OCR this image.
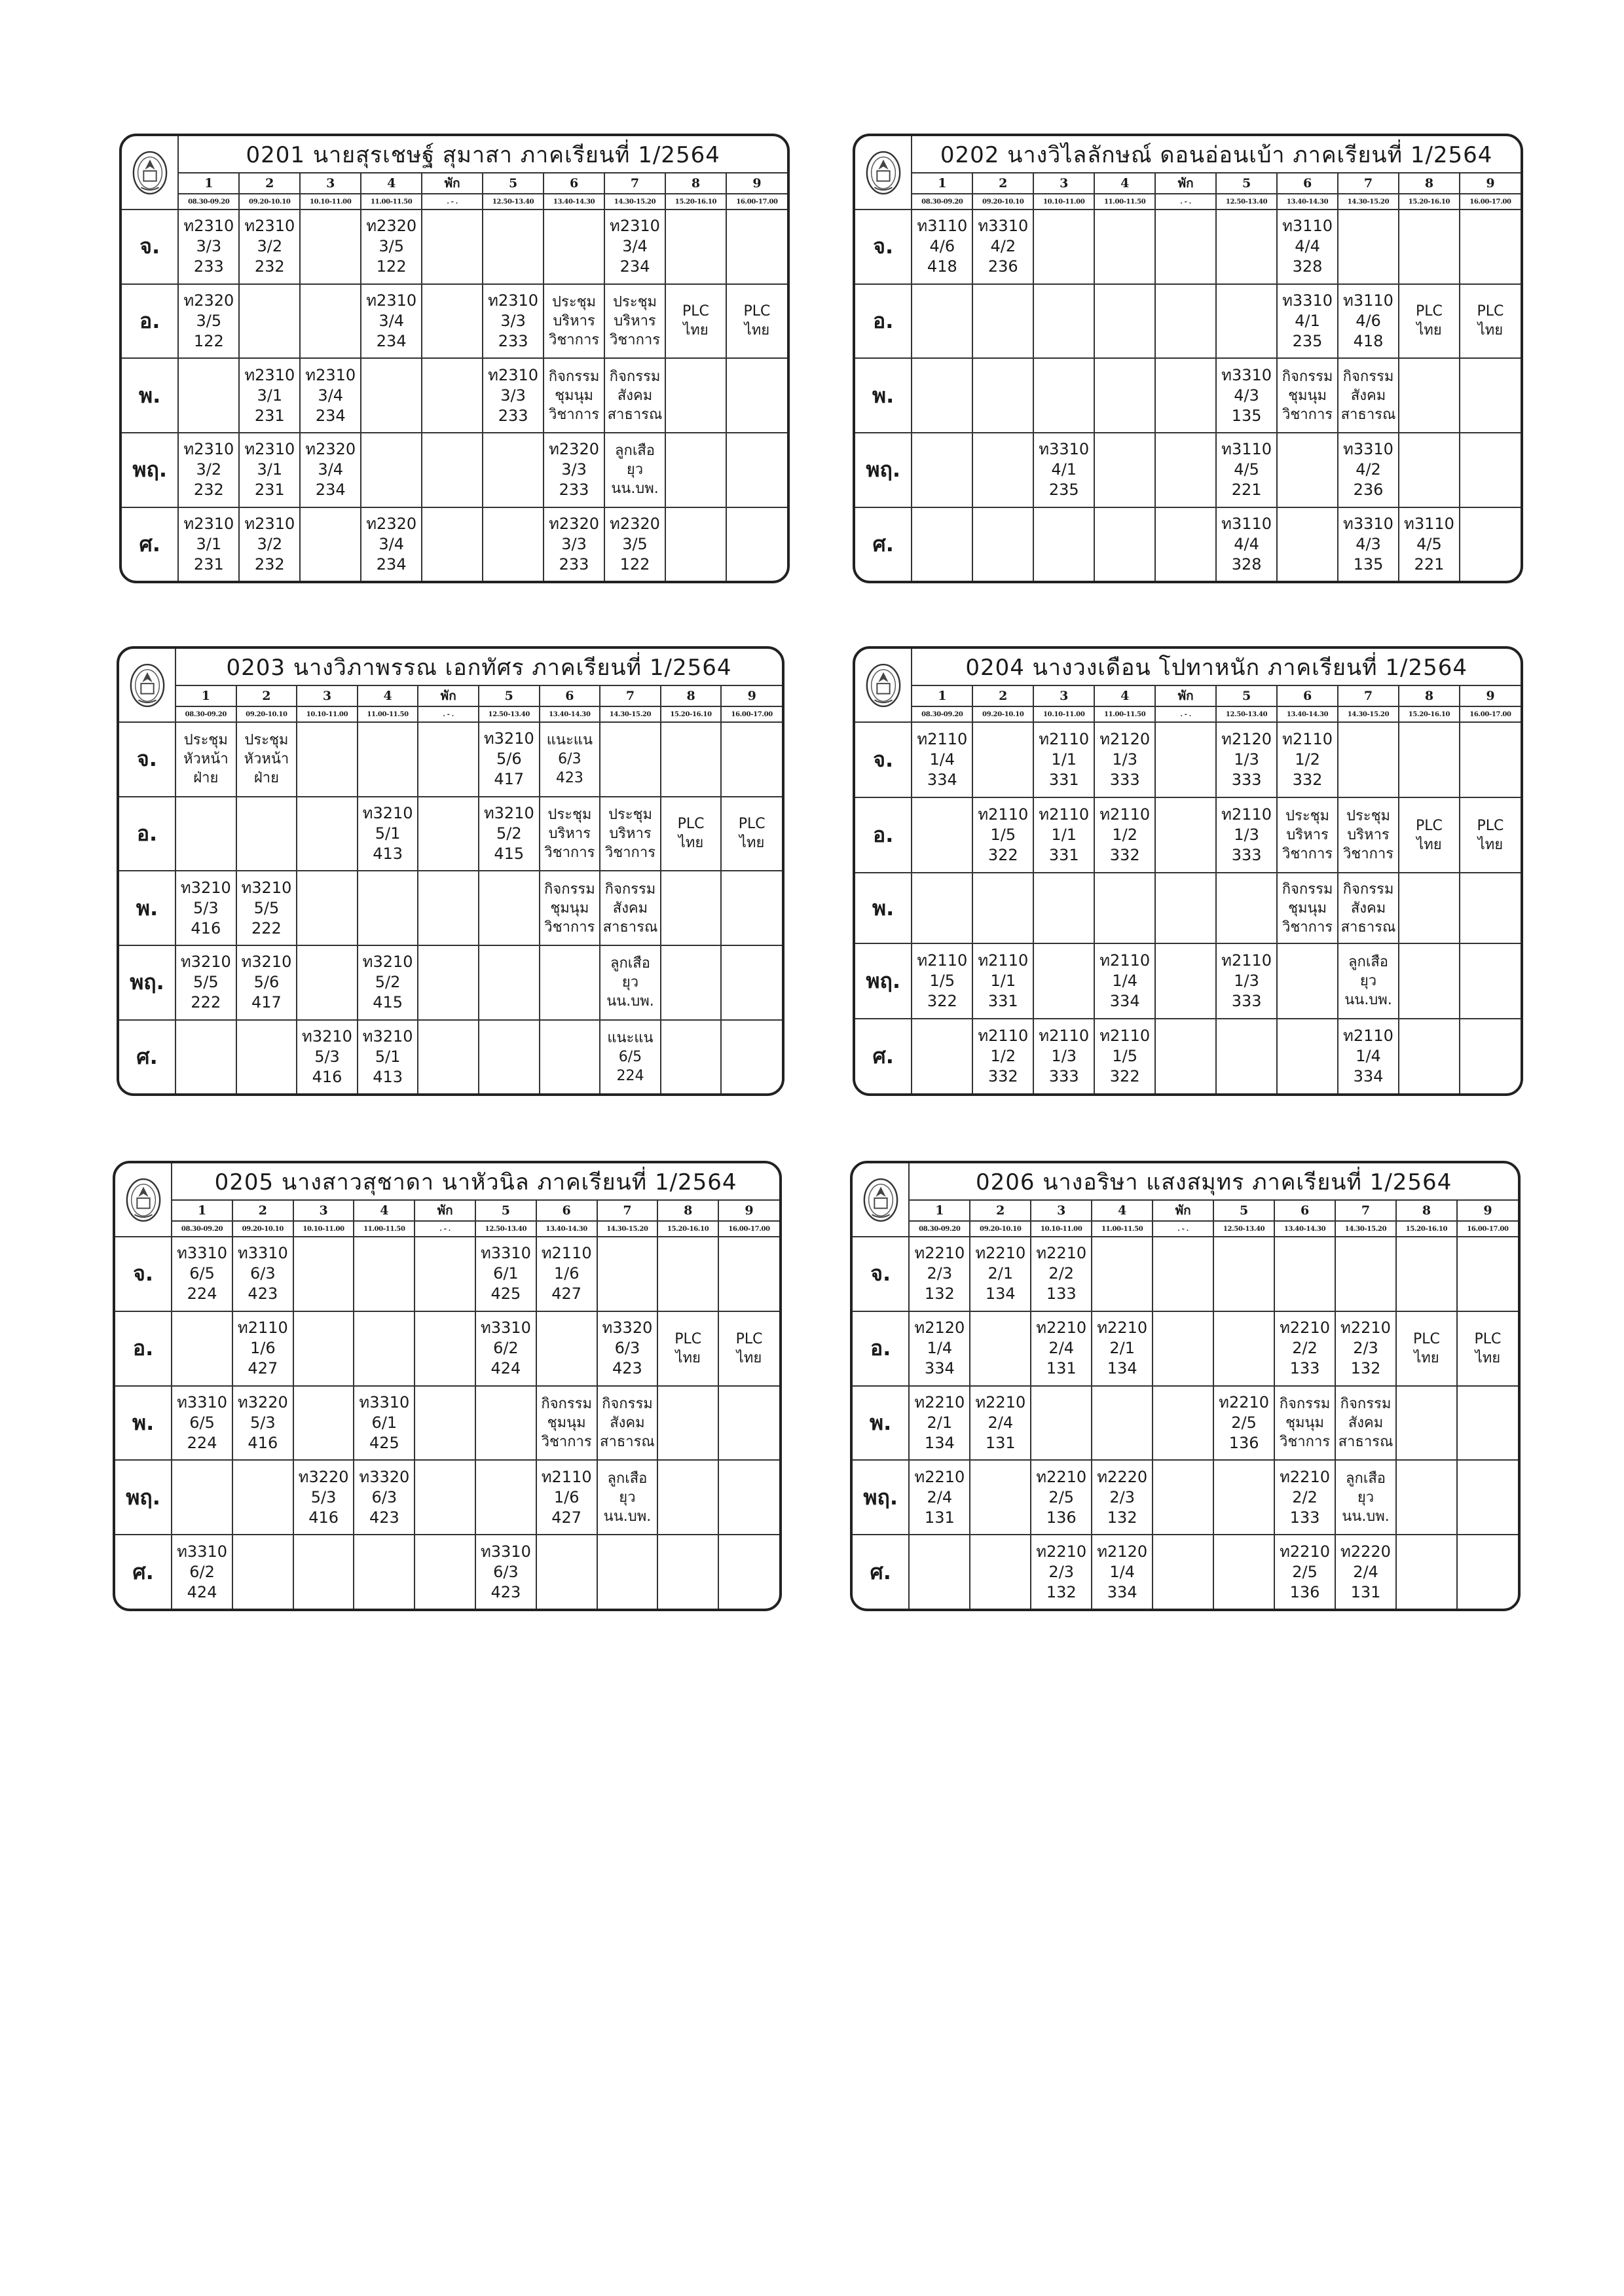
	0201 นายสุรเชษฐ์ สุมาสา ภาคเรียนที่ 1/2564									
	1	2	3	4	พัก	5	6	7	8	9
	08.30-09.20	09.20-10.10	10.10-11.00	11.00-11.50	. - .	12.50-13.40	13.40-14.30	14.30-15.20	15.20-16.10	16.00-17.00
จ.	ท2310
3/3
233	ท2310
3/2
232		ท2320
3/5
122				ท2310
3/4
234		
อ.	ท2320
3/5
122			ท2310
3/4
234		ท2310
3/3
233	ประชุม
บริหาร
วิชาการ	ประชุม
บริหาร
วิชาการ	PLC
ไทย	PLC
ไทย
พ.		ท2310
3/1
231	ท2310
3/4
234			ท2310
3/3
233	กิจกรรม
ชุมนุม
วิชาการ	กิจกรรม
สังคม
สาธารณ		
พฤ.	ท2310
3/2
232	ท2310
3/1
231	ท2320
3/4
234				ท2320
3/3
233	ลูกเสือ
ยุว
นน.บพ.		
ศ.	ท2310
3/1
231	ท2310
3/2
232		ท2320
3/4
234			ท2320
3/3
233	ท2320
3/5
122		
	0202 นางวิไลลักษณ์ ดอนอ่อนเบ้า ภาคเรียนที่ 1/2564									
	1	2	3	4	พัก	5	6	7	8	9
	08.30-09.20	09.20-10.10	10.10-11.00	11.00-11.50	. - .	12.50-13.40	13.40-14.30	14.30-15.20	15.20-16.10	16.00-17.00
จ.	ท3110
4/6
418	ท3310
4/2
236					ท3110
4/4
328			
อ.							ท3310
4/1
235	ท3110
4/6
418	PLC
ไทย	PLC
ไทย
พ.						ท3310
4/3
135	กิจกรรม
ชุมนุม
วิชาการ	กิจกรรม
สังคม
สาธารณ		
พฤ.			ท3310
4/1
235			ท3110
4/5
221		ท3310
4/2
236		
ศ.						ท3110
4/4
328		ท3310
4/3
135	ท3110
4/5
221	
	0203 นางวิภาพรรณ เอกทัศร ภาคเรียนที่ 1/2564									
	1	2	3	4	พัก	5	6	7	8	9
	08.30-09.20	09.20-10.10	10.10-11.00	11.00-11.50	. - .	12.50-13.40	13.40-14.30	14.30-15.20	15.20-16.10	16.00-17.00
จ.	ประชุม
หัวหน้า
ฝ่าย	ประชุม
หัวหน้า
ฝ่าย				ท3210
5/6
417	แนะแน
6/3
423			
อ.				ท3210
5/1
413		ท3210
5/2
415	ประชุม
บริหาร
วิชาการ	ประชุม
บริหาร
วิชาการ	PLC
ไทย	PLC
ไทย
พ.	ท3210
5/3
416	ท3210
5/5
222					กิจกรรม
ชุมนุม
วิชาการ	กิจกรรม
สังคม
สาธารณ		
พฤ.	ท3210
5/5
222	ท3210
5/6
417		ท3210
5/2
415				ลูกเสือ
ยุว
นน.บพ.		
ศ.			ท3210
5/3
416	ท3210
5/1
413				แนะแน
6/5
224		
	0204 นางวงเดือน โปทาหนัก ภาคเรียนที่ 1/2564									
	1	2	3	4	พัก	5	6	7	8	9
	08.30-09.20	09.20-10.10	10.10-11.00	11.00-11.50	. - .	12.50-13.40	13.40-14.30	14.30-15.20	15.20-16.10	16.00-17.00
จ.	ท2110
1/4
334		ท2110
1/1
331	ท2120
1/3
333		ท2120
1/3
333	ท2110
1/2
332			
อ.		ท2110
1/5
322	ท2110
1/1
331	ท2110
1/2
332		ท2110
1/3
333	ประชุม
บริหาร
วิชาการ	ประชุม
บริหาร
วิชาการ	PLC
ไทย	PLC
ไทย
พ.							กิจกรรม
ชุมนุม
วิชาการ	กิจกรรม
สังคม
สาธารณ		
พฤ.	ท2110
1/5
322	ท2110
1/1
331		ท2110
1/4
334		ท2110
1/3
333		ลูกเสือ
ยุว
นน.บพ.		
ศ.		ท2110
1/2
332	ท2110
1/3
333	ท2110
1/5
322				ท2110
1/4
334		
	0205 นางสาวสุชาดา นาหัวนิล ภาคเรียนที่ 1/2564									
	1	2	3	4	พัก	5	6	7	8	9
	08.30-09.20	09.20-10.10	10.10-11.00	11.00-11.50	. - .	12.50-13.40	13.40-14.30	14.30-15.20	15.20-16.10	16.00-17.00
จ.	ท3310
6/5
224	ท3310
6/3
423				ท3310
6/1
425	ท2110
1/6
427			
อ.		ท2110
1/6
427				ท3310
6/2
424		ท3320
6/3
423	PLC
ไทย	PLC
ไทย
พ.	ท3310
6/5
224	ท3220
5/3
416		ท3310
6/1
425			กิจกรรม
ชุมนุม
วิชาการ	กิจกรรม
สังคม
สาธารณ		
พฤ.			ท3220
5/3
416	ท3320
6/3
423			ท2110
1/6
427	ลูกเสือ
ยุว
นน.บพ.		
ศ.	ท3310
6/2
424					ท3310
6/3
423				
	0206 นางอริษา แสงสมุทร ภาคเรียนที่ 1/2564									
	1	2	3	4	พัก	5	6	7	8	9
	08.30-09.20	09.20-10.10	10.10-11.00	11.00-11.50	. - .	12.50-13.40	13.40-14.30	14.30-15.20	15.20-16.10	16.00-17.00
จ.	ท2210
2/3
132	ท2210
2/1
134	ท2210
2/2
133							
อ.	ท2120
1/4
334		ท2210
2/4
131	ท2210
2/1
134			ท2210
2/2
133	ท2210
2/3
132	PLC
ไทย	PLC
ไทย
พ.	ท2210
2/1
134	ท2210
2/4
131				ท2210
2/5
136	กิจกรรม
ชุมนุม
วิชาการ	กิจกรรม
สังคม
สาธารณ		
พฤ.	ท2210
2/4
131		ท2210
2/5
136	ท2220
2/3
132			ท2210
2/2
133	ลูกเสือ
ยุว
นน.บพ.		
ศ.			ท2210
2/3
132	ท2120
1/4
334			ท2210
2/5
136	ท2220
2/4
131		
